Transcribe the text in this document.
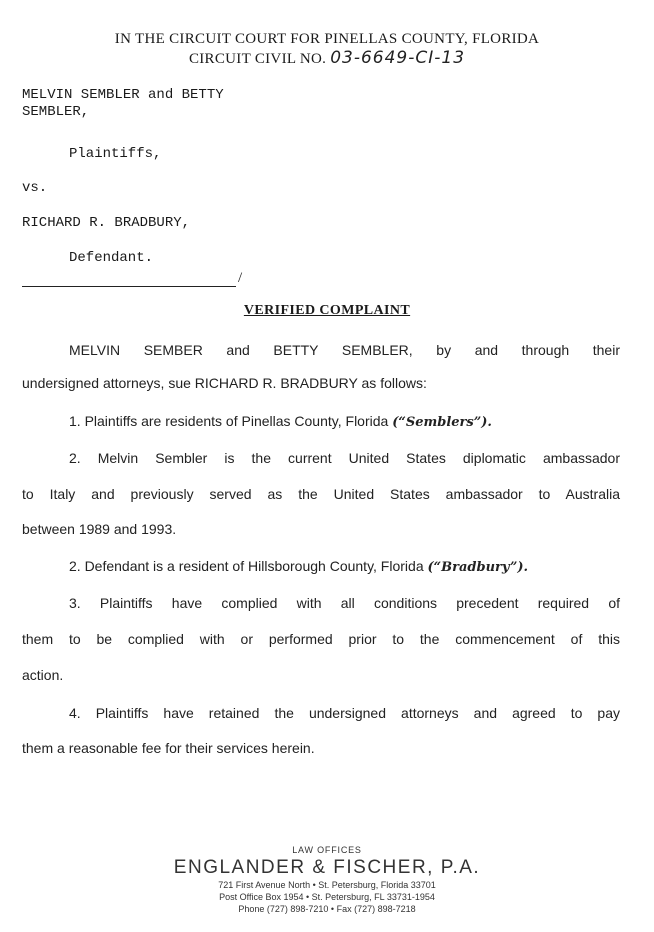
IN THE CIRCUIT COURT FOR PINELLAS COUNTY, FLORIDA
CIRCUIT CIVIL NO. 03-6649-CI-13
MELVIN SEMBLER and BETTY
SEMBLER,
Plaintiffs,
vs.
RICHARD R. BRADBURY,
Defendant.
/
VERIFIED COMPLAINT
MELVIN SEMBER and BETTY SEMBLER, by and through their
undersigned attorneys, sue RICHARD R. BRADBURY as follows:
1. Plaintiffs are residents of Pinellas County, Florida (“Semblers”).
2. Melvin Sembler is the current United States diplomatic ambassador
to Italy and previously served as the United States ambassador to Australia
between 1989 and 1993.
2. Defendant is a resident of Hillsborough County, Florida (“Bradbury”).
3. Plaintiffs have complied with all conditions precedent required of
them to be complied with or performed prior to the commencement of this
action.
4. Plaintiffs have retained the undersigned attorneys and agreed to pay
them a reasonable fee for their services herein.
LAW OFFICES
ENGLANDER & FISCHER, P.A.
721 First Avenue North • St. Petersburg, Florida 33701
Post Office Box 1954 • St. Petersburg, FL 33731-1954
Phone (727) 898-7210 • Fax (727) 898-7218
